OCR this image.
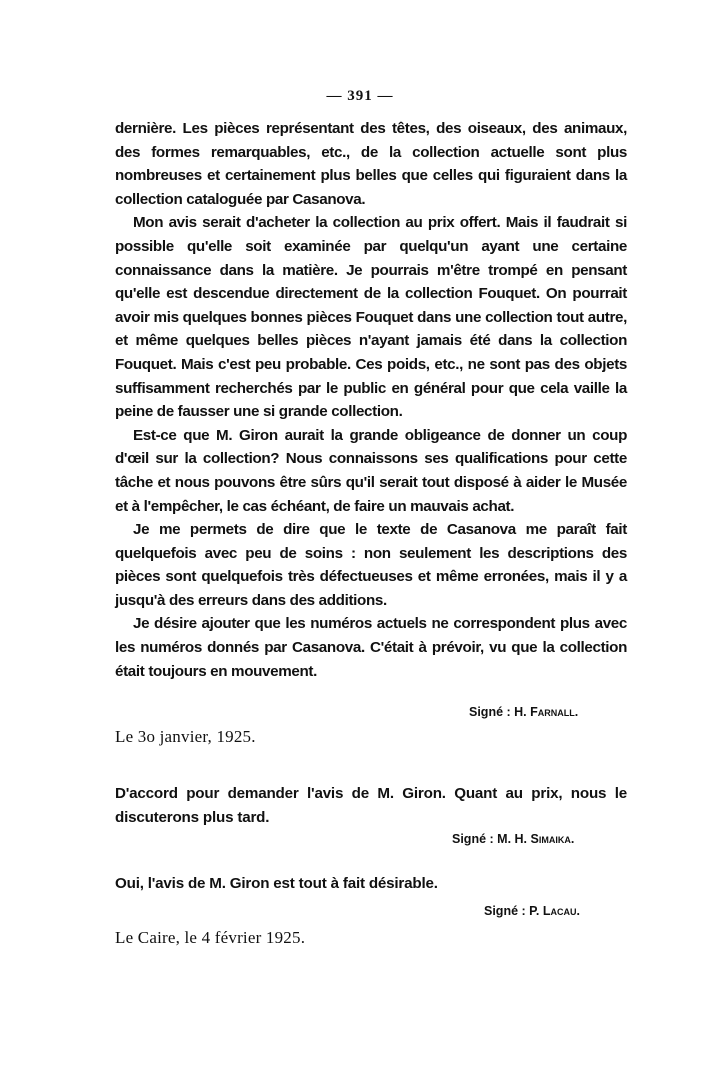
— 391 —

dernière. Les pièces représentant des têtes, des oiseaux, des animaux, des formes remarquables, etc., de la collection actuelle sont plus nombreuses et certainement plus belles que celles qui figuraient dans la collection cataloguée par Casanova.

Mon avis serait d'acheter la collection au prix offert. Mais il faudrait si possible qu'elle soit examinée par quelqu'un ayant une certaine connaissance dans la matière. Je pourrais m'être trompé en pensant qu'elle est descendue directement de la collection Fouquet. On pourrait avoir mis quelques bonnes pièces Fouquet dans une collection tout autre, et même quelques belles pièces n'ayant jamais été dans la collection Fouquet. Mais c'est peu probable. Ces poids, etc., ne sont pas des objets suffisamment recherchés par le public en général pour que cela vaille la peine de fausser une si grande collection.

Est-ce que M. Giron aurait la grande obligeance de donner un coup d'œil sur la collection? Nous connaissons ses qualifications pour cette tâche et nous pouvons être sûrs qu'il serait tout disposé à aider le Musée et à l'empêcher, le cas échéant, de faire un mauvais achat.

Je me permets de dire que le texte de Casanova me paraît fait quelquefois avec peu de soins : non seulement les descriptions des pièces sont quelquefois très défectueuses et même erronées, mais il y a jusqu'à des erreurs dans des additions.

Je désire ajouter que les numéros actuels ne correspondent plus avec les numéros donnés par Casanova. C'était à prévoir, vu que la collection était toujours en mouvement.

Signé : H. Farnall.
Le 3o janvier, 1925.
D'accord pour demander l'avis de M. Giron. Quant au prix, nous le discuterons plus tard.
Signé : M. H. Simaika.
Oui, l'avis de M. Giron est tout à fait désirable.
Signé : P. Lacau.
Le Caire, le 4 février 1925.
